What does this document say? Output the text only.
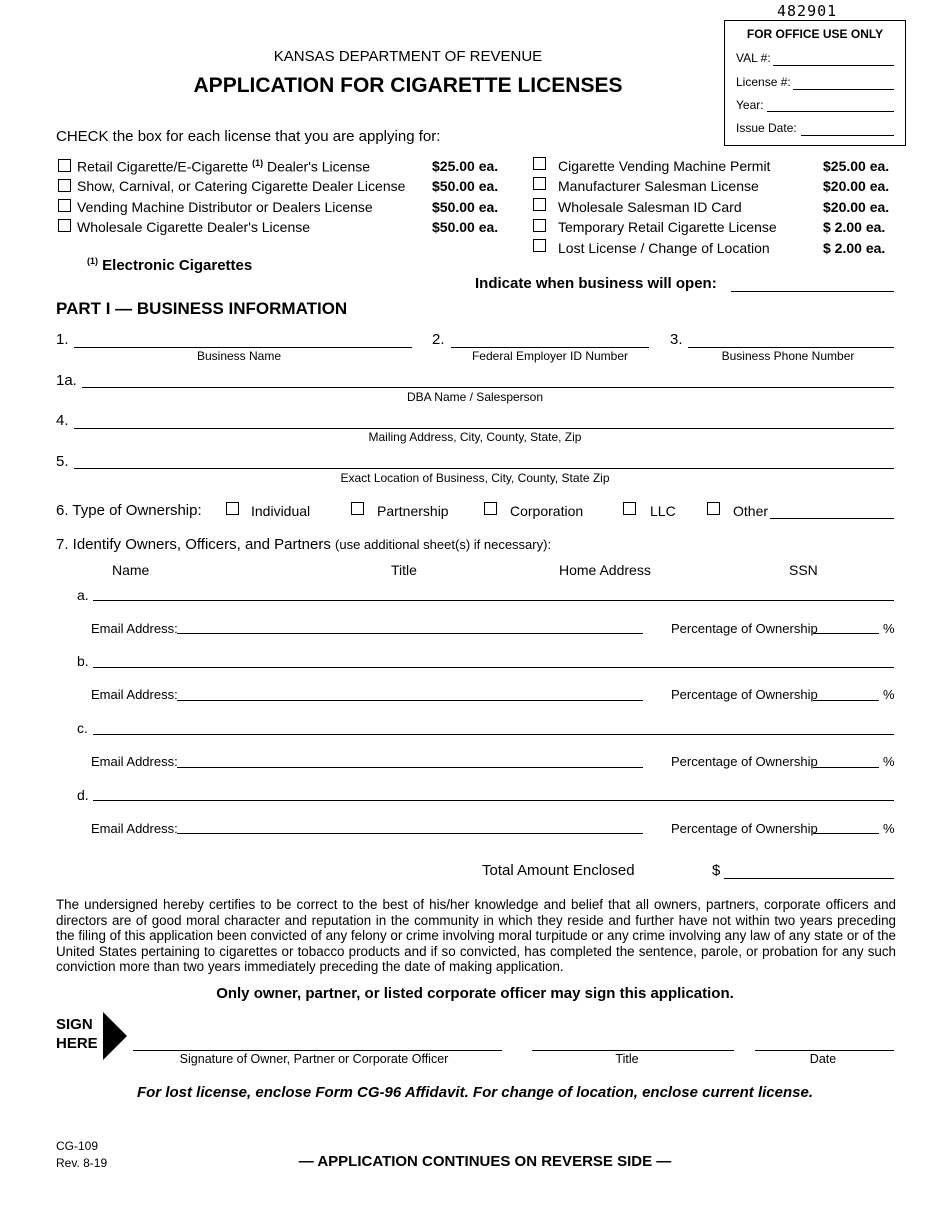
482901
FOR OFFICE USE ONLY
VAL #:
License #:
Year:
Issue Date:
KANSAS DEPARTMENT OF REVENUE
APPLICATION FOR CIGARETTE LICENSES
CHECK the box for each license that you are applying for:
Retail Cigarette/E-Cigarette $^{(1)}$ Dealer's License	$25.00 ea.
Show, Carnival, or Catering Cigarette Dealer License $50.00 ea.
Vending Machine Distributor or Dealers License	$50.00 ea.
Wholesale Cigarette Dealer's License	$50.00 ea.
Cigarette Vending Machine Permit	$25.00 ea.
Manufacturer Salesman License	$20.00 ea.
Wholesale Salesman ID Card	$20.00 ea.
Temporary Retail Cigarette License	$ 2.00 ea.
Lost License / Change of Location	$ 2.00 ea.
$^{(1)}$ Electronic Cigarettes
Indicate when business will open:
PART I — BUSINESS INFORMATION
1.
Business Name
2.
Federal Employer ID Number
3.
Business Phone Number
1a.
DBA Name / Salesperson
4.
Mailing Address, City, County, State, Zip
5.
Exact Location of Business, City, County, State Zip
6. Type of Ownership:	Individual	Partnership	Corporation	LLC	Other
7. Identify Owners, Officers, and Partners (use additional sheet(s) if necessary):
Name	Title	Home Address	SSN
a.
Email Address:	Percentage of Ownership	%
b.
Email Address:	Percentage of Ownership	%
c.
Email Address:	Percentage of Ownership	%
d.
Email Address:	Percentage of Ownership	%
Total Amount Enclosed	$
The undersigned hereby certifies to be correct to the best of his/her knowledge and belief that all owners, partners, corporate officers and directors are of good moral character and reputation in the community in which they reside and further have not within two years preceding the filing of this application been convicted of any felony or crime involving moral turpitude or any crime involving any law of any state or of the United States pertaining to cigarettes or tobacco products and if so convicted, has completed the sentence, parole, or probation for any such conviction more than two years immediately preceding the date of making application.
Only owner, partner, or listed corporate officer may sign this application.
SIGN
HERE
Signature of Owner, Partner or Corporate Officer	Title	Date
For lost license, enclose Form CG-96 Affidavit. For change of location, enclose current license.
CG-109
Rev. 8-19	— APPLICATION CONTINUES ON REVERSE SIDE —
